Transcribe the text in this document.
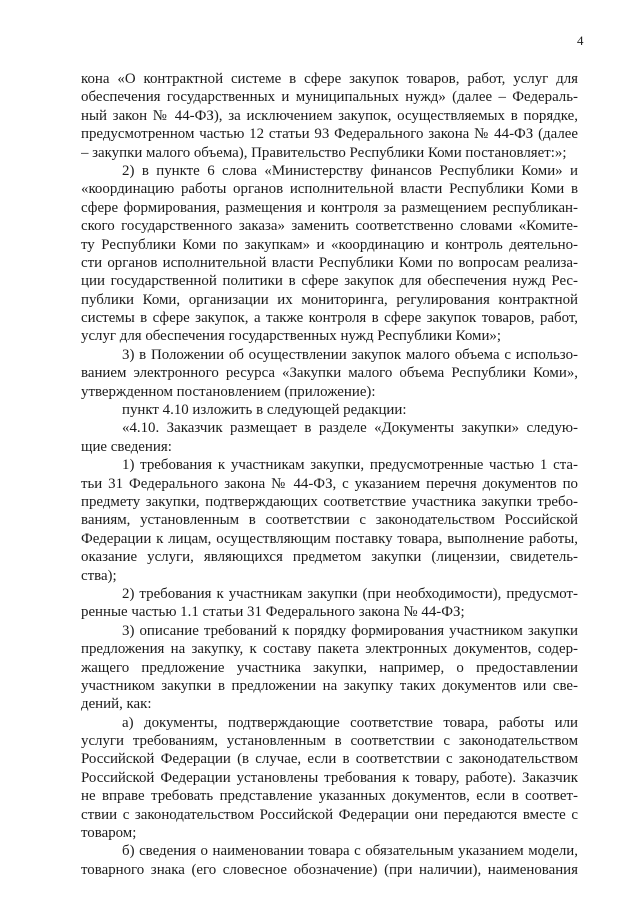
4
кона «О контрактной системе в сфере закупок товаров, работ, услуг для
обеспечения государственных и муниципальных нужд» (далее – Федераль-
ный закон № 44-ФЗ), за исключением закупок, осуществляемых в порядке,
предусмотренном частью 12 статьи 93 Федерального закона № 44-ФЗ (далее
– закупки малого объема), Правительство Республики Коми постановляет:»;
2) в пункте 6 слова «Министерству финансов Республики Коми» и
«координацию работы органов исполнительной власти Республики Коми в
сфере формирования, размещения и контроля за размещением республикан-
ского государственного заказа» заменить соответственно словами «Комите-
ту Республики Коми по закупкам» и «координацию и контроль деятельно-
сти органов исполнительной власти Республики Коми по вопросам реализа-
ции государственной политики в сфере закупок для обеспечения нужд Рес-
публики Коми, организации их мониторинга, регулирования контрактной
системы в сфере закупок, а также контроля в сфере закупок товаров, работ,
услуг для обеспечения государственных нужд Республики Коми»;
3) в Положении об осуществлении закупок малого объема с использо-
ванием электронного ресурса «Закупки малого объема Республики Коми»,
утвержденном постановлением (приложение):
пункт 4.10 изложить в следующей редакции:
«4.10. Заказчик размещает в разделе «Документы закупки» следую-
щие сведения:
1) требования к участникам закупки, предусмотренные частью 1 ста-
тьи 31 Федерального закона № 44-ФЗ, с указанием перечня документов по
предмету закупки, подтверждающих соответствие участника закупки требо-
ваниям, установленным в соответствии с законодательством Российской
Федерации к лицам, осуществляющим поставку товара, выполнение работы,
оказание услуги, являющихся предметом закупки (лицензии, свидетель-
ства);
2) требования к участникам закупки (при необходимости), предусмот-
ренные частью 1.1 статьи 31 Федерального закона № 44-ФЗ;
3) описание требований к порядку формирования участником закупки
предложения на закупку, к составу пакета электронных документов, содер-
жащего предложение участника закупки, например, о предоставлении
участником закупки в предложении на закупку таких документов или све-
дений, как:
а) документы, подтверждающие соответствие товара, работы или
услуги требованиям, установленным в соответствии с законодательством
Российской Федерации (в случае, если в соответствии с законодательством
Российской Федерации установлены требования к товару, работе). Заказчик
не вправе требовать представление указанных документов, если в соответ-
ствии с законодательством Российской Федерации они передаются вместе с
товаром;
б) сведения о наименовании товара с обязательным указанием модели,
товарного знака (его словесное обозначение) (при наличии), наименования
